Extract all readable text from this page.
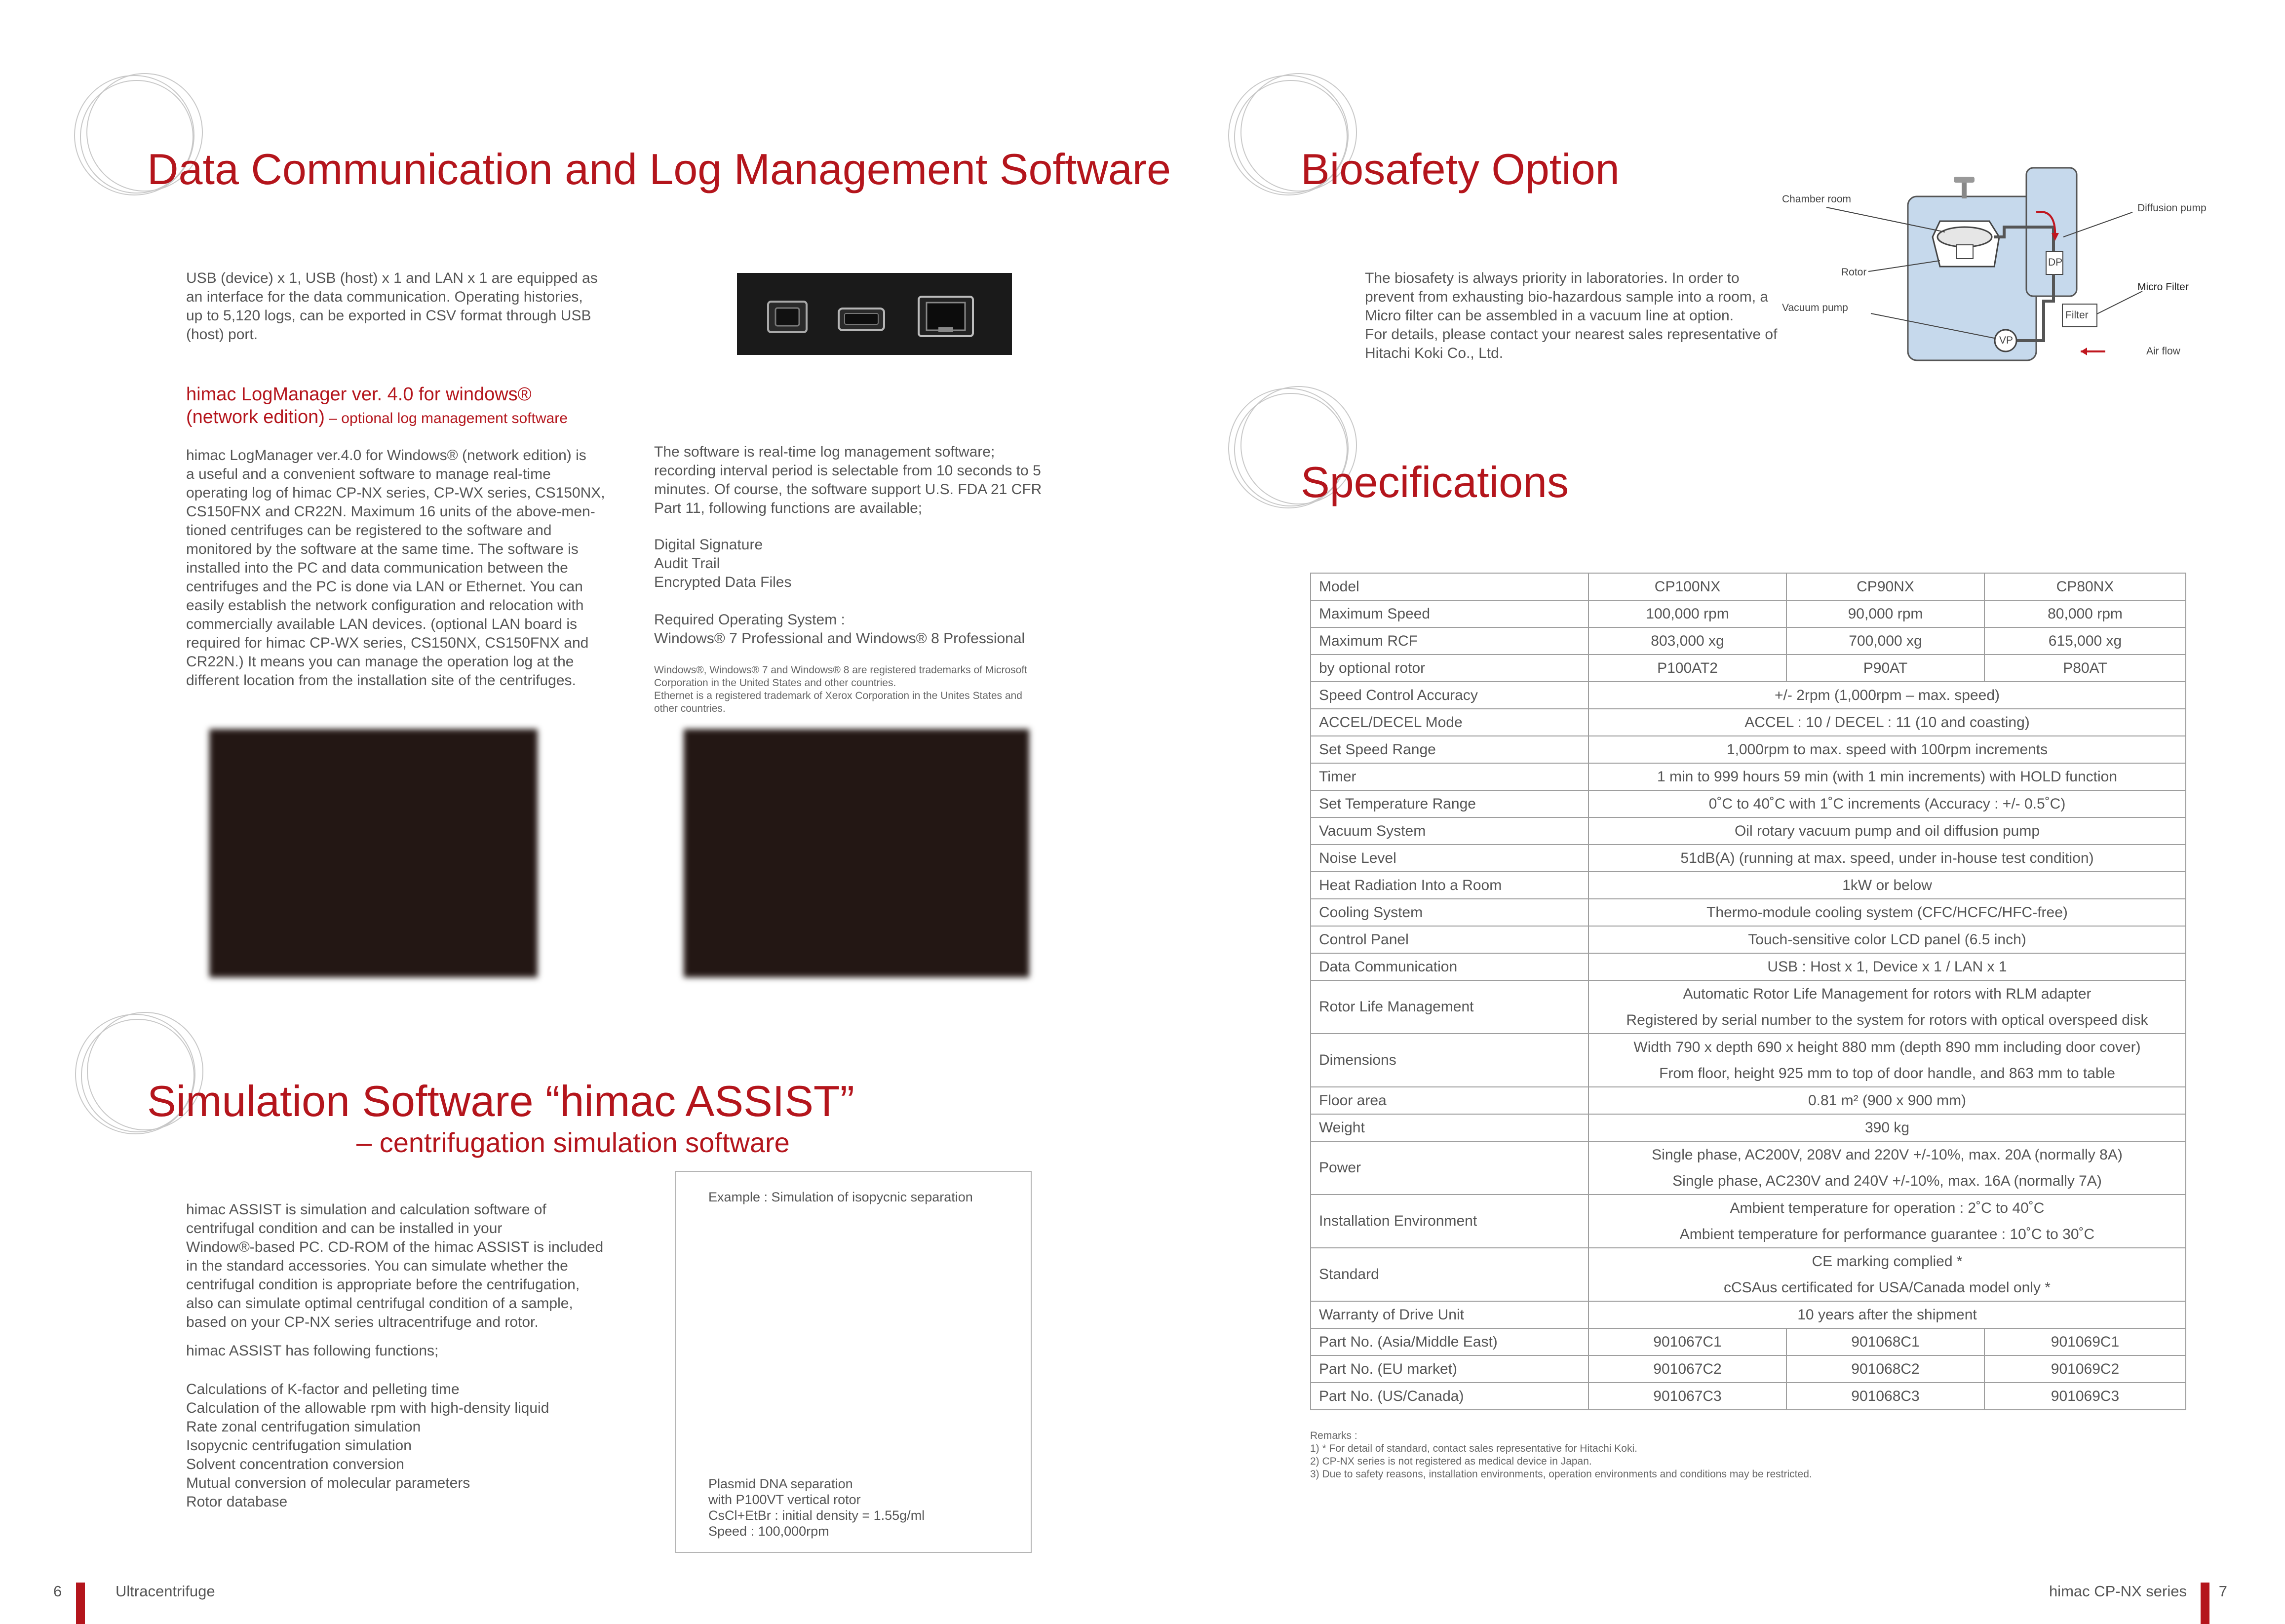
Data Communication and Log Management Software

USB (device) x 1, USB (host) x 1 and LAN x 1 are equipped as
an interface for the data communication. Operating histories,
up to 5,120 logs, can be exported in CSV format through USB
(host) port.

himac LogManager ver. 4.0 for windows®
(network edition) – optional log management software

himac LogManager ver.4.0 for Windows® (network edition) is
a useful and a convenient software to manage real-time
operating log of himac CP-NX series, CP-WX series, CS150NX,
CS150FNX and CR22N. Maximum 16 units of the above-men-
tioned centrifuges can be registered to the software and
monitored by the software at the same time. The software is
installed into the PC and data communication between the
centrifuges and the PC is done via LAN or Ethernet. You can
easily establish the network configuration and relocation with
commercially available LAN devices. (optional LAN board is
required for himac CP-WX series, CS150NX, CS150FNX and
CR22N.) It means you can manage the operation log at the
different location from the installation site of the centrifuges.

The software is real-time log management software;
recording interval period is selectable from 10 seconds to 5
minutes. Of course, the software support U.S. FDA 21 CFR
Part 11, following functions are available;

Digital Signature
Audit Trail
Encrypted Data Files
Required Operating System :
Windows® 7 Professional and Windows® 8 Professional

Windows®, Windows® 7 and Windows® 8 are registered trademarks of Microsoft
Corporation in the United States and other countries.
Ethernet is a registered trademark of Xerox Corporation in the Unites States and
other countries.

Simulation Software “himac ASSIST”
– centrifugation simulation software

himac ASSIST is simulation and calculation software of
centrifugal condition and can be installed in your
Window®-based PC. CD-ROM of the himac ASSIST is included
in the standard accessories. You can simulate whether the
centrifugal condition is appropriate before the centrifugation,
also can simulate optimal centrifugal condition of a sample,
based on your CP-NX series ultracentrifuge and rotor.

himac ASSIST has following functions;

Calculations of K-factor and pelleting time
Calculation of the allowable rpm with high-density liquid
Rate zonal centrifugation simulation
Isopycnic centrifugation simulation
Solvent concentration conversion
Mutual conversion of molecular parameters
Rotor database
Example : Simulation of isopycnic separation
Plasmid DNA separation
with P100VT vertical rotor
CsCl+EtBr : initial density = 1.55g/ml
Speed : 100,000rpm
6	Ultracentrifuge
Biosafety Option

The biosafety is always priority in laboratories. In order to
prevent from exhausting bio-hazardous sample into a room, a
Micro filter can be assembled in a vacuum line at option.
For details, please contact your nearest sales representative of
Hitachi Koki Co., Ltd.

Chamber room
Rotor
Vacuum pump
Diffusion pump
Micro Filter
Air flow
DP
Filter
VP
Specifications
Model	CP100NX	CP90NX	CP80NX
Maximum Speed	100,000 rpm	90,000 rpm	80,000 rpm
Maximum RCF	803,000 xg	700,000 xg	615,000 xg
by optional rotor	P100AT2	P90AT	P80AT
Speed Control Accuracy	+/- 2rpm (1,000rpm – max. speed)		

ACCEL/DECEL Mode	ACCEL : 10 / DECEL : 11 (10 and coasting)		

Set Speed Range	1,000rpm to max. speed with 100rpm increments		

Timer	1 min to 999 hours 59 min (with 1 min increments) with HOLD function		

Set Temperature Range	0˚C to 40˚C with 1˚C increments (Accuracy : +/- 0.5˚C)		

Vacuum System	Oil rotary vacuum pump and oil diffusion pump		

Noise Level	51dB(A) (running at max. speed, under in-house test condition)		

Heat Radiation Into a Room	1kW or below		

Cooling System	Thermo-module cooling system (CFC/HCFC/HFC-free)		

Control Panel	Touch-sensitive color LCD panel (6.5 inch)		

Data Communication	USB : Host x 1, Device x 1 / LAN x 1		

Rotor Life Management	Automatic Rotor Life Management for rotors with RLM adapter
Registered by serial number to the system for rotors with optical overspeed disk		

Dimensions	Width 790 x depth 690 x height 880 mm (depth 890 mm including door cover)
From floor, height 925 mm to top of door handle, and 863 mm to table		

Floor area	0.81 m² (900 x 900 mm)		

Weight	390 kg		

Power	Single phase, AC200V, 208V and 220V +/-10%, max. 20A (normally 8A)
Single phase, AC230V and 240V +/-10%, max. 16A (normally 7A)		

Installation Environment	Ambient temperature for operation : 2˚C to 40˚C
Ambient temperature for performance guarantee : 10˚C to 30˚C		

Standard	CE marking complied *
cCSAus certificated for USA/Canada model only *		

Warranty of Drive Unit	10 years after the shipment		

Part No. (Asia/Middle East)	901067C1	901068C1	901069C1
Part No. (EU market)	901067C2	901068C2	901069C2
Part No. (US/Canada)	901067C3	901068C3	901069C3

Remarks :
1) * For detail of standard, contact sales representative for Hitachi Koki.
2) CP-NX series is not registered as medical device in Japan.
3) Due to safety reasons, installation environments, operation environments and conditions may be restricted.

himac CP-NX series 7
